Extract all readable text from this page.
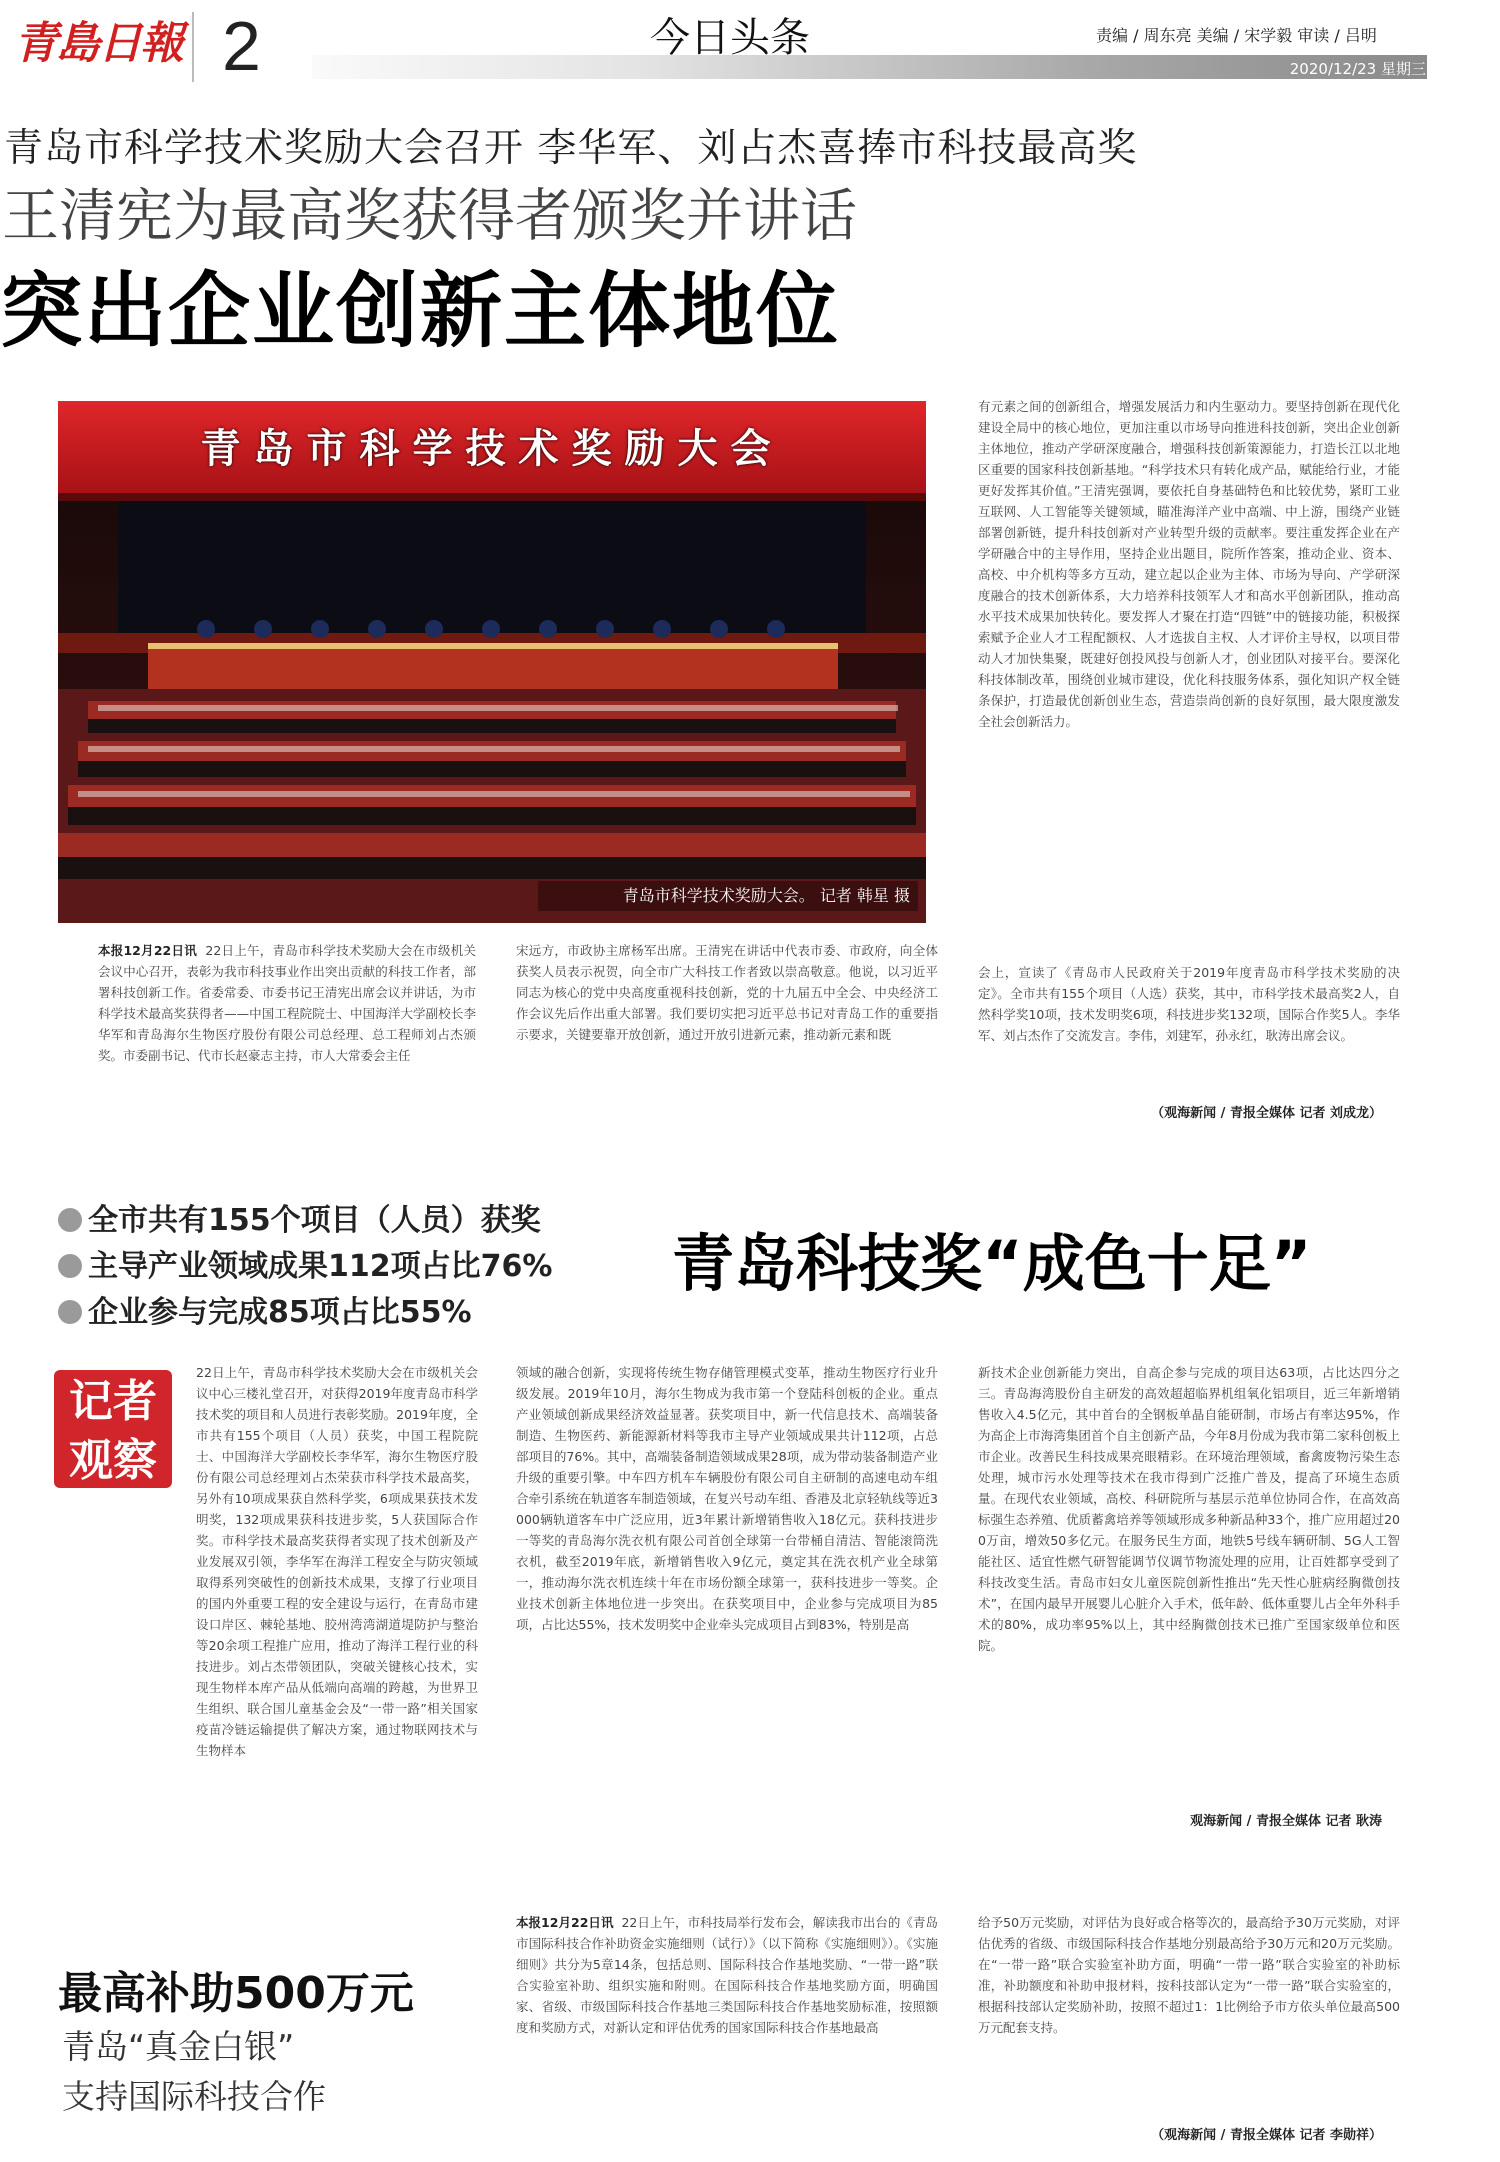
青島日報 2	今日头条	责编 / 周东亮 美编 / 宋学毅 审读 / 吕明
2020/12/23 星期三
青岛市科学技术奖励大会召开 李华军、刘占杰喜捧市科技最高奖
王清宪为最高奖获得者颁奖并讲话
突出企业创新主体地位
青岛市科学技术奖励大会
青岛市科学技术奖励大会。 记者 韩星 摄
本报12月22日讯 22日上午，青岛市科学技术奖励大会在市级机关会议中心召开，表彰为我市科技事业作出突出贡献的科技工作者，部署科技创新工作。省委常委、市委书记王清宪出席会议并讲话，为市科学技术最高奖获得者——中国工程院院士、中国海洋大学副校长李华军和青岛海尔生物医疗股份有限公司总经理、总工程师刘占杰颁奖。市委副书记、代市长赵豪志主持，市人大常委会主任
宋远方，市政协主席杨军出席。王清宪在讲话中代表市委、市政府，向全体获奖人员表示祝贺，向全市广大科技工作者致以崇高敬意。他说，以习近平同志为核心的党中央高度重视科技创新，党的十九届五中全会、中央经济工作会议先后作出重大部署。我们要切实把习近平总书记对青岛工作的重要指示要求，关键要靠开放创新，通过开放引进新元素，推动新元素和既
有元素之间的创新组合，增强发展活力和内生驱动力。要坚持创新在现代化建设全局中的核心地位，更加注重以市场导向推进科技创新，突出企业创新主体地位，推动产学研深度融合，增强科技创新策源能力，打造长江以北地区重要的国家科技创新基地。“科学技术只有转化成产品，赋能给行业，才能更好发挥其价值。”王清宪强调，要依托自身基础特色和比较优势，紧盯工业互联网、人工智能等关键领域，瞄准海洋产业中高端、中上游，围绕产业链部署创新链，提升科技创新对产业转型升级的贡献率。要注重发挥企业在产学研融合中的主导作用，坚持企业出题目，院所作答案，推动企业、资本、高校、中介机构等多方互动，建立起以企业为主体、市场为导向、产学研深度融合的技术创新体系，大力培养科技领军人才和高水平创新团队，推动高水平技术成果加快转化。要发挥人才聚在打造“四链”中的链接功能，积极探索赋予企业人才工程配额权、人才选拔自主权、人才评价主导权，以项目带动人才加快集聚，既建好创投风投与创新人才，创业团队对接平台。要深化科技体制改革，围绕创业城市建设，优化科技服务体系，强化知识产权全链条保护，打造最优创新创业生态，营造崇尚创新的良好氛围，最大限度激发全社会创新活力。
会上，宣读了《青岛市人民政府关于2019年度青岛市科学技术奖励的决定》。全市共有155个项目（人选）获奖，其中，市科学技术最高奖2人，自然科学奖10项，技术发明奖6项，科技进步奖132项，国际合作奖5人。李华军、刘占杰作了交流发言。李伟，刘建军，孙永红，耿涛出席会议。
（观海新闻 / 青报全媒体 记者 刘成龙）
全市共有155个项目（人员）获奖
主导产业领域成果112项占比76%
企业参与完成85项占比55%
青岛科技奖“成色十足”
记者
观察
22日上午，青岛市科学技术奖励大会在市级机关会议中心三楼礼堂召开，对获得2019年度青岛市科学技术奖的项目和人员进行表彰奖励。2019年度，全市共有155个项目（人员）获奖，中国工程院院士、中国海洋大学副校长李华军，海尔生物医疗股份有限公司总经理刘占杰荣获市科学技术最高奖，另外有10项成果获自然科学奖，6项成果获技术发明奖，132项成果获科技进步奖，5人获国际合作奖。市科学技术最高奖获得者实现了技术创新及产业发展双引领，李华军在海洋工程安全与防灾领域取得系列突破性的创新技术成果，支撑了行业项目的国内外重要工程的安全建设与运行，在青岛市建设口岸区、棘轮基地、胶州湾湾湖道堤防护与整治等20余项工程推广应用，推动了海洋工程行业的科技进步。刘占杰带领团队，突破关键核心技术，实现生物样本库产品从低端向高端的跨越，为世界卫生组织、联合国儿童基金会及“一带一路”相关国家疫苗冷链运输提供了解决方案，通过物联网技术与生物样本
领域的融合创新，实现将传统生物存储管理模式变革，推动生物医疗行业升级发展。2019年10月，海尔生物成为我市第一个登陆科创板的企业。重点产业领域创新成果经济效益显著。获奖项目中，新一代信息技术、高端装备制造、生物医药、新能源新材料等我市主导产业领域成果共计112项，占总部项目的76%。其中，高端装备制造领域成果28项，成为带动装备制造产业升级的重要引擎。中车四方机车车辆股份有限公司自主研制的高速电动车组合牵引系统在轨道客车制造领域，在复兴号动车组、香港及北京轻轨线等近3000辆轨道客车中广泛应用，近3年累计新增销售收入18亿元。获科技进步一等奖的青岛海尔洗衣机有限公司首创全球第一台带桶自清洁、智能滚筒洗衣机，截至2019年底，新增销售收入9亿元，奠定其在洗衣机产业全球第一，推动海尔洗衣机连续十年在市场份额全球第一，获科技进步一等奖。企业技术创新主体地位进一步突出。在获奖项目中，企业参与完成项目为85项，占比达55%，技术发明奖中企业牵头完成项目占到83%，特别是高
新技术企业创新能力突出，自高企参与完成的项目达63项，占比达四分之三。青岛海湾股份自主研发的高效超超临界机组氧化铝项目，近三年新增销售收入4.5亿元，其中首台的全钢板单晶自能研制，市场占有率达95%，作为高企上市海湾集团首个自主创新产品，今年8月份成为我市第二家科创板上市企业。改善民生科技成果亮眼精彩。在环境治理领域，畜禽废物污染生态处理，城市污水处理等技术在我市得到广泛推广普及，提高了环境生态质量。在现代农业领域，高校、科研院所与基层示范单位协同合作，在高效高标强生态养殖、优质蓄禽培养等领域形成多种新品种33个，推广应用超过200万亩，增效50多亿元。在服务民生方面，地铁5号线车辆研制、5G人工智能社区、适宜性燃气研智能调节仪调节物流处理的应用，让百姓都享受到了科技改变生活。青岛市妇女儿童医院创新性推出“先天性心脏病经胸微创技术”，在国内最早开展婴儿心脏介入手术，低年龄、低体重婴儿占全年外科手术的80%，成功率95%以上，其中经胸微创技术已推广至国家级单位和医院。
观海新闻 / 青报全媒体 记者 耿涛
最高补助500万元
青岛“真金白银”
支持国际科技合作
本报12月22日讯 22日上午，市科技局举行发布会，解读我市出台的《青岛市国际科技合作补助资金实施细则（试行）》（以下简称《实施细则》）。《实施细则》共分为5章14条，包括总则、国际科技合作基地奖励、“一带一路”联合实验室补助、组织实施和附则。在国际科技合作基地奖励方面，明确国家、省级、市级国际科技合作基地三类国际科技合作基地奖励标准，按照额度和奖励方式，对新认定和评估优秀的国家国际科技合作基地最高
给予50万元奖励，对评估为良好或合格等次的，最高给予30万元奖励，对评估优秀的省级、市级国际科技合作基地分别最高给予30万元和20万元奖励。在“一带一路”联合实验室补助方面，明确“一带一路”联合实验室的补助标准，补助额度和补助申报材料，按科技部认定为“一带一路”联合实验室的，根据科技部认定奖励补助，按照不超过1：1比例给予市方依头单位最高500万元配套支持。
（观海新闻 / 青报全媒体 记者 李勋祥）
